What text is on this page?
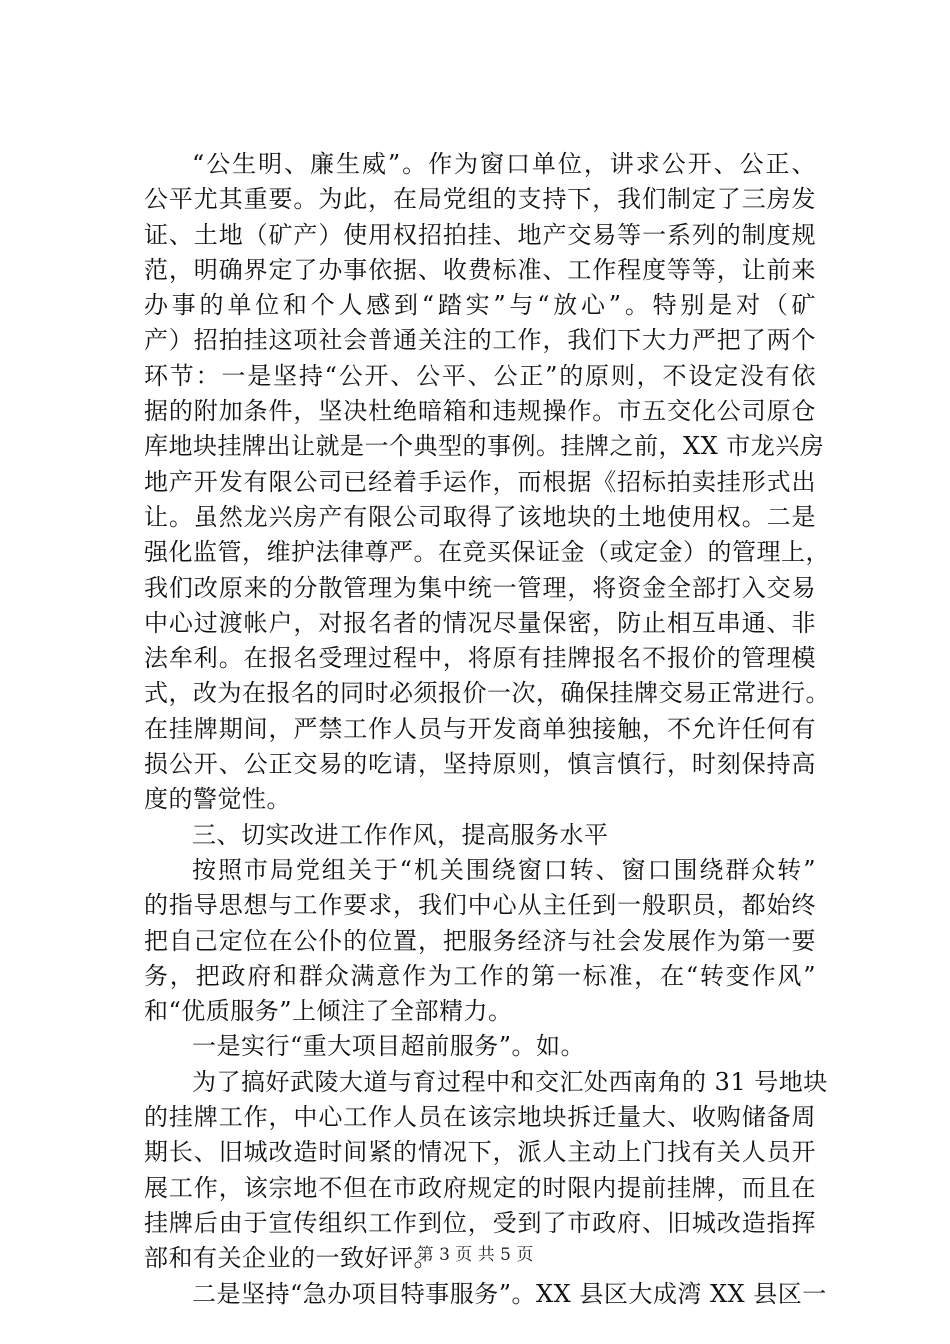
“公生明、廉生威”。作为窗口单位，讲求公开、公正、
公平尤其重要。为此，在局党组的支持下，我们制定了三房发
证、土地（矿产）使用权招拍挂、地产交易等一系列的制度规
范，明确界定了办事依据、收费标准、工作程度等等，让前来
办事的单位和个人感到“踏实”与“放心”。特别是对（矿
产）招拍挂这项社会普通关注的工作，我们下大力严把了两个
环节：一是坚持“公开、公平、公正”的原则，不设定没有依
据的附加条件，坚决杜绝暗箱和违规操作。市五交化公司原仓
库地块挂牌出让就是一个典型的事例。挂牌之前，XX 市龙兴房
地产开发有限公司已经着手运作，而根据《招标拍卖挂形式出
让。虽然龙兴房产有限公司取得了该地块的土地使用权。二是
强化监管，维护法律尊严。在竞买保证金（或定金）的管理上，
我们改原来的分散管理为集中统一管理，将资金全部打入交易
中心过渡帐户，对报名者的情况尽量保密，防止相互串通、非
法牟利。在报名受理过程中，将原有挂牌报名不报价的管理模
式，改为在报名的同时必须报价一次，确保挂牌交易正常进行。
在挂牌期间，严禁工作人员与开发商单独接触，不允许任何有
损公开、公正交易的吃请，坚持原则，慎言慎行，时刻保持高
度的警觉性。
三、切实改进工作作风，提高服务水平
按照市局党组关于“机关围绕窗口转、窗口围绕群众转”
的指导思想与工作要求，我们中心从主任到一般职员，都始终
把自己定位在公仆的位置，把服务经济与社会发展作为第一要
务，把政府和群众满意作为工作的第一标准，在“转变作风”
和“优质服务”上倾注了全部精力。
一是实行“重大项目超前服务”。如。
为了搞好武陵大道与育过程中和交汇处西南角的 31 号地块
的挂牌工作，中心工作人员在该宗地块拆迁量大、收购储备周
期长、旧城改造时间紧的情况下，派人主动上门找有关人员开
展工作，该宗地不但在市政府规定的时限内提前挂牌，而且在
挂牌后由于宣传组织工作到位，受到了市政府、旧城改造指挥
部和有关企业的一致好评。
二是坚持“急办项目特事服务”。XX 县区大成湾 XX 县区一
第 3 页 共 5 页
